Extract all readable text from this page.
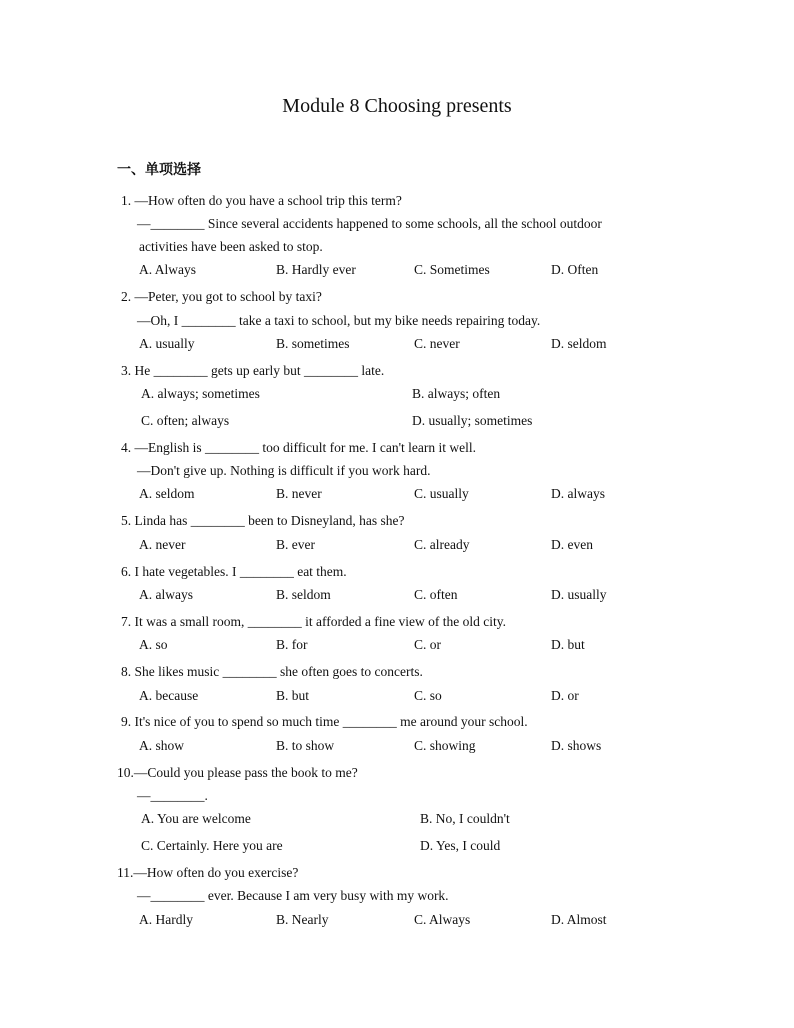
Module 8 Choosing presents
一、单项选择
1. —How often do you have a school trip this term?
—________ Since several accidents happened to some schools, all the school outdoor
activities have been asked to stop.
A. Always	B. Hardly ever	C. Sometimes	D. Often
2. —Peter, you got to school by taxi?
—Oh, I ________ take a taxi to school, but my bike needs repairing today.
A. usually	B. sometimes	C. never	D. seldom
3. He ________ gets up early but ________ late.
A. always; sometimes	B. always; often
C. often; always	D. usually; sometimes
4. —English is ________ too difficult for me. I can't learn it well.
—Don't give up. Nothing is difficult if you work hard.
A. seldom	B. never	C. usually	D. always
5. Linda has ________ been to Disneyland, has she?
A. never	B. ever	C. already	D. even
6. I hate vegetables. I ________ eat them.
A. always	B. seldom	C. often	D. usually
7. It was a small room, ________ it afforded a fine view of the old city.
A. so	B. for	C. or	D. but
8. She likes music ________ she often goes to concerts.
A. because	B. but	C. so	D. or
9. It's nice of you to spend so much time ________ me around your school.
A. show	B. to show	C. showing	D. shows
10.—Could you please pass the book to me?
—________.
A. You are welcome	B. No, I couldn't
C. Certainly. Here you are	D. Yes, I could
11.—How often do you exercise?
—________ ever. Because I am very busy with my work.
A. Hardly	B. Nearly	C. Always	D. Almost
